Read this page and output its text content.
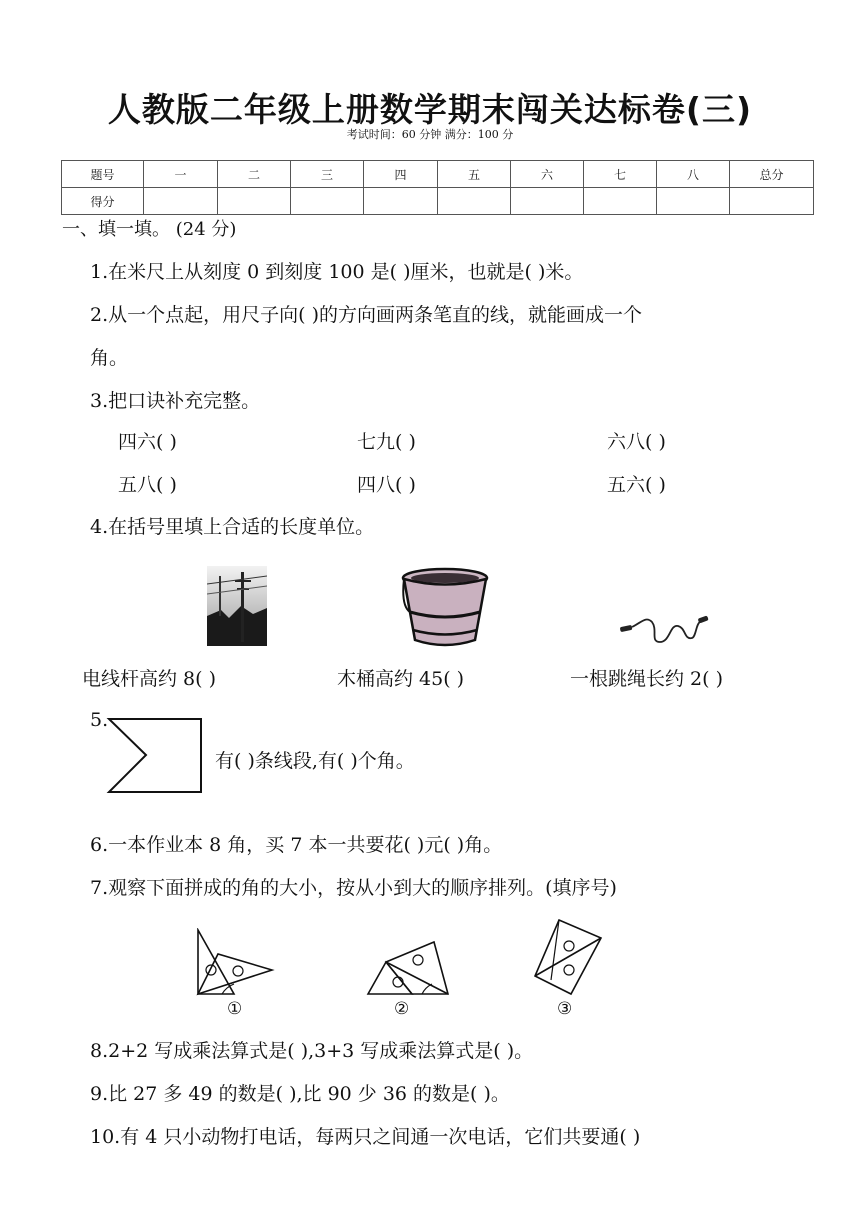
人教版二年级上册数学期末闯关达标卷(三)
考试时间：60 分钟 满分：100 分
题号	一	二	三	四	五	六	七	八	总分
得分									
一、填一填。 (24 分)
1.在米尺上从刻度 0 到刻度 100 是( )厘米，也就是( )米。
2.从一个点起，用尺子向( )的方向画两条笔直的线，就能画成一个
角。
3.把口诀补充完整。
四六( )	七九( )	六八( )
五八( )	四八( )	五六( )
4.在括号里填上合适的长度单位。
电线杆高约 8( )	木桶高约 45( )	一根跳绳长约 2( )
5.
有( )条线段,有( )个角。
6.一本作业本 8 角，买 7 本一共要花( )元( )角。
7.观察下面拼成的角的大小，按从小到大的顺序排列。(填序号)
①	②	③
8.2+2 写成乘法算式是( ),3+3 写成乘法算式是( )。
9.比 27 多 49 的数是( ),比 90 少 36 的数是( )。
10.有 4 只小动物打电话，每两只之间通一次电话，它们共要通( )
